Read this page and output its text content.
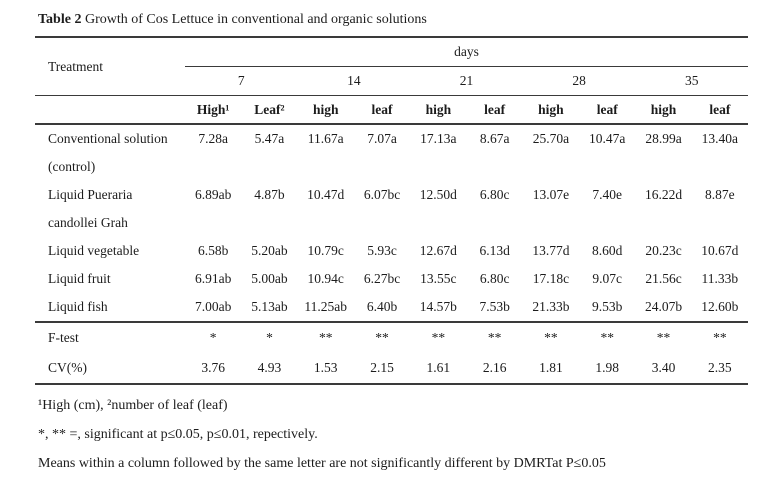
Table 2 Growth of Cos Lettuce in conventional and organic solutions

Treatment	days									
	7		14		21		28		35	
	High¹	Leaf²	high	leaf	high	leaf	high	leaf	high	leaf

Conventional solution
(control)	7.28a	5.47a	11.67a	7.07a	17.13a	8.67a	25.70a	10.47a	28.99a	13.40a

Liquid Pueraria
candollei Grah	6.89ab	4.87b	10.47d	6.07bc	12.50d	6.80c	13.07e	7.40e	16.22d	8.87e

Liquid vegetable	6.58b	5.20ab	10.79c	5.93c	12.67d	6.13d	13.77d	8.60d	20.23c	10.67d

Liquid fruit	6.91ab	5.00ab	10.94c	6.27bc	13.55c	6.80c	17.18c	9.07c	21.56c	11.33b

Liquid fish	7.00ab	5.13ab	11.25ab	6.40b	14.57b	7.53b	21.33b	9.53b	24.07b	12.60b
F-test	*	*	**	**	**	**	**	**	**	**
CV(%)	3.76	4.93	1.53	2.15	1.61	2.16	1.81	1.98	3.40	2.35

¹High (cm), ²number of leaf (leaf)

*, ** =, significant at p≤0.05, p≤0.01, repectively.

Means within a column followed by the same letter are not significantly different by DMRTat P≤0.05
